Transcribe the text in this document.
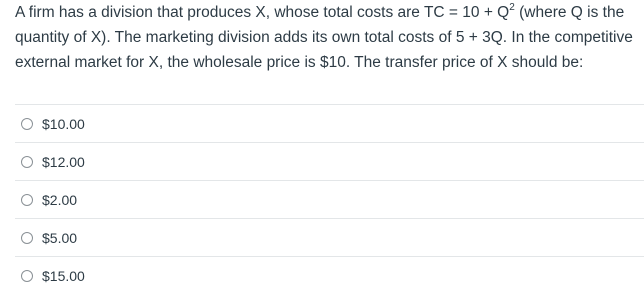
A firm has a division that produces X, whose total costs are TC = $10 + Q^2$ (where Q is the
quantity of X). The marketing division adds its own total costs of 5 + 3Q. In the competitive
external market for X, the wholesale price is $10. The transfer price of X should be:
$10.00
$12.00
$2.00
$5.00
$15.00
